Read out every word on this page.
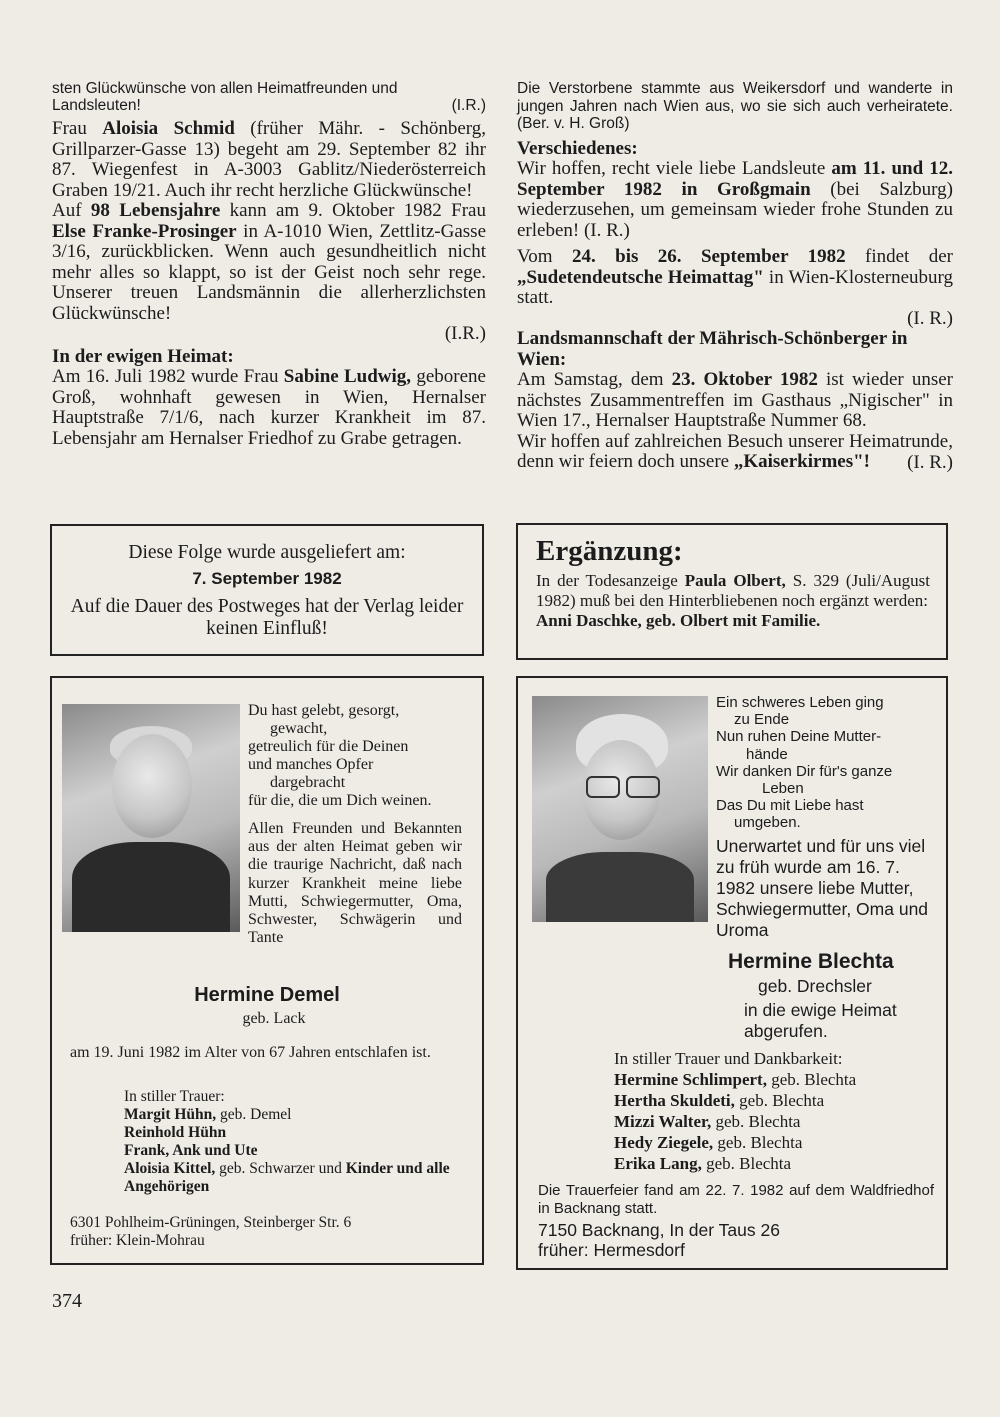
sten Glückwünsche von allen Heimatfreunden und

Landsleuten!	(I.R.)

Frau Aloisia Schmid (früher Mähr. - Schönberg, Grillparzer-Gasse 13) begeht am 29. September 82 ihr 87. Wiegenfest in A-3003 Gablitz/Niederösterreich Graben 19/21. Auch ihr recht herzliche Glückwünsche!

Auf 98 Lebensjahre kann am 9. Oktober 1982 Frau Else Franke-Prosinger in A-1010 Wien, Zettlitz-Gasse 3/16, zurückblicken. Wenn auch gesundheitlich nicht mehr alles so klappt, so ist der Geist noch sehr rege. Unserer treuen Landsmännin die allerherzlichsten Glückwünsche!

(I.R.)

In der ewigen Heimat:

Am 16. Juli 1982 wurde Frau Sabine Ludwig, geborene Groß, wohnhaft gewesen in Wien, Hernalser Hauptstraße 7/1/6, nach kurzer Krankheit im 87. Lebensjahr am Hernalser Friedhof zu Grabe getragen.

Die Verstorbene stammte aus Weikersdorf und wanderte in jungen Jahren nach Wien aus, wo sie sich auch verheiratete. (Ber. v. H. Groß)

Verschiedenes:

Wir hoffen, recht viele liebe Landsleute am 11. und 12. September 1982 in Großgmain (bei Salzburg) wiederzusehen, um gemeinsam wieder frohe Stunden zu erleben! (I. R.)

Vom 24. bis 26. September 1982 findet der „Sudetendeutsche Heimattag" in Wien-Klosterneuburg statt.

(I. R.)

Landsmannschaft der Mährisch-Schönberger in Wien:

Am Samstag, dem 23. Oktober 1982 ist wieder unser nächstes Zusammentreffen im Gasthaus „Nigischer" in Wien 17., Hernalser Hauptstraße Nummer 68.

Wir hoffen auf zahlreichen Besuch unserer Heimatrunde, denn wir feiern doch unsere „Kaiserkirmes"!	(I. R.)

Diese Folge wurde ausgeliefert am:
7. September 1982
Auf die Dauer des Postweges hat der Verlag leider keinen Einfluß!
Ergänzung:
In der Todesanzeige Paula Olbert, S. 329 (Juli/August 1982) muß bei den Hinterbliebenen noch ergänzt werden:
Anni Daschke, geb. Olbert mit Familie.
Du hast gelebt, gesorgt,
gewacht,
getreulich für die Deinen
und manches Opfer
dargebracht
für die, die um Dich weinen.
Allen Freunden und Bekannten aus der alten Heimat geben wir die traurige Nachricht, daß nach kurzer Krankheit meine liebe Mutti, Schwiegermutter, Oma, Schwester, Schwägerin und Tante
Hermine Demel
geb. Lack
am 19. Juni 1982 im Alter von 67 Jahren entschlafen ist.
In stiller Trauer:
Margit Hühn, geb. Demel
Reinhold Hühn
Frank, Ank und Ute
Aloisia Kittel, geb. Schwarzer und Kinder und alle Angehörigen
6301 Pohlheim-Grüningen, Steinberger Str. 6
früher: Klein-Mohrau
Ein schweres Leben ging
zu Ende
Nun ruhen Deine Mutter-
hände
Wir danken Dir für's ganze
Leben
Das Du mit Liebe hast
umgeben.
Unerwartet und für uns viel zu früh wurde am 16. 7. 1982 unsere liebe Mutter, Schwiegermutter, Oma und Uroma
Hermine Blechta
geb. Drechsler
in die ewige Heimat abgerufen.
In stiller Trauer und Dankbarkeit:
Hermine Schlimpert, geb. Blechta
Hertha Skuldeti, geb. Blechta
Mizzi Walter, geb. Blechta
Hedy Ziegele, geb. Blechta
Erika Lang, geb. Blechta
Die Trauerfeier fand am 22. 7. 1982 auf dem Waldfriedhof in Backnang statt.
7150 Backnang, In der Taus 26
früher: Hermesdorf
374
